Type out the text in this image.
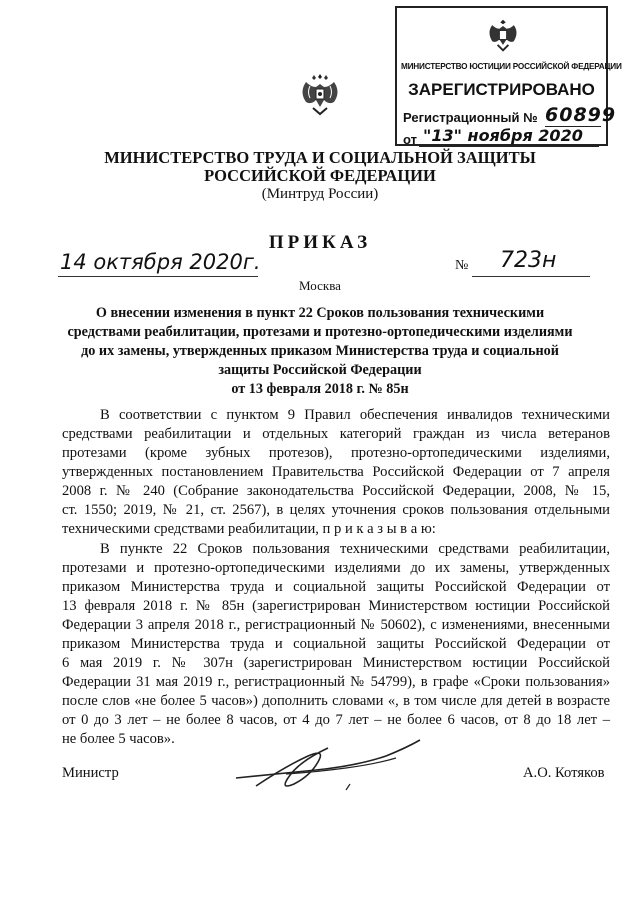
МИНИСТЕРСТВО ЮСТИЦИИ РОССИЙСКОЙ ФЕДЕРАЦИИ
ЗАРЕГИСТРИРОВАНО
Регистрационный № 60899
от "13" ноября 2020
МИНИСТЕРСТВО ТРУДА И СОЦИАЛЬНОЙ ЗАЩИТЫ
РОССИЙСКОЙ ФЕДЕРАЦИИ
(Минтруд России)
ПРИКАЗ
14 октября 2020г.
Москва
№ 723н
О внесении изменения в пункт 22 Сроков пользования техническими
средствами реабилитации, протезами и протезно-ортопедическими изделиями
до их замены, утвержденных приказом Министерства труда и социальной
защиты Российской Федерации
от 13 февраля 2018 г. № 85н

В соответствии с пунктом 9 Правил обеспечения инвалидов техническими

средствами реабилитации и отдельных категорий граждан из числа ветеранов

протезами (кроме зубных протезов), протезно-ортопедическими изделиями,

утвержденных постановлением Правительства Российской Федерации от 7 апреля

2008 г. № 240 (Собрание законодательства Российской Федерации, 2008, № 15,

ст. 1550; 2019, № 21, ст. 2567), в целях уточнения сроков пользования отдельными

техническими средствами реабилитации, п р и к а з ы в а ю:

В пункте 22 Сроков пользования техническими средствами реабилитации,

протезами и протезно-ортопедическими изделиями до их замены, утвержденных

приказом Министерства труда и социальной защиты Российской Федерации от

13 февраля 2018 г. № 85н (зарегистрирован Министерством юстиции Российской

Федерации 3 апреля 2018 г., регистрационный № 50602), с изменениями, внесенными

приказом Министерства труда и социальной защиты Российской Федерации от

6 мая 2019 г. № 307н (зарегистрирован Министерством юстиции Российской

Федерации 31 мая 2019 г., регистрационный № 54799), в графе «Сроки пользования»

после слов «не более 5 часов») дополнить словами «, в том числе для детей в возрасте

от 0 до 3 лет – не более 8 часов, от 4 до 7 лет – не более 6 часов, от 8 до 18 лет –

не более 5 часов».

Министр	А.О. Котяков
